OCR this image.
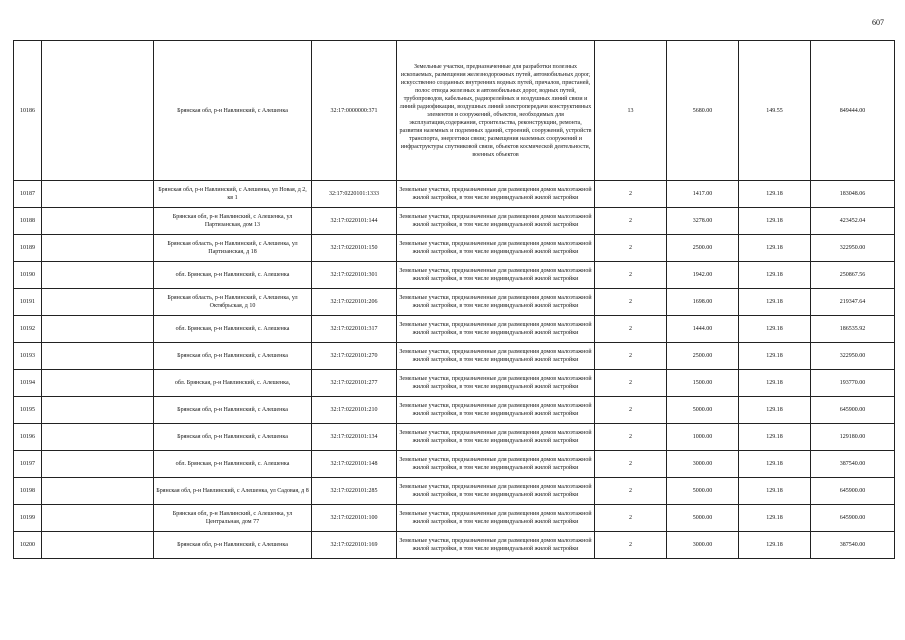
607
10186		Брянская обл, р-н Навлинский, с Алешенка	32:17:0000000:371	Земельные участки, предназначенные для разработки полезных ископаемых, размещения железнодорожных путей, автомобильных дорог, искусственно созданных внутренних водных путей, причалов, пристаней, полос отвода железных и автомобильных дорог, водных путей, трубопроводов, кабельных, радиорелейных и воздушных линий связи и линий радиофикации, воздушных линий электропередачи конструктивных элементов и сооружений, объектов, необходимых для эксплуатации,содержания, строительства, реконструкции, ремонта, развития наземных и подземных зданий, строений, сооружений, устройств транспорта, энергетики связи; размещения наземных сооружений и инфраструктуры спутниковой связи, объектов космической деятельности, военных объектов	13	5680.00	149.55	849444.00
10187		Брянская обл, р-н Навлинский, с Алешенка, ул Новая, д 2, кв 1	32:17:0220101:1333	Земельные участки, предназначенные для размещения домов малоэтажной жилой застройки, в том числе индивидуальной жилой застройки	2	1417.00	129.18	183048.06
10188		Брянская обл, р-н Навлинский, с Алешенка, ул Партизанская, дом 13	32:17:0220101:144	Земельные участки, предназначенные для размещения домов малоэтажной жилой застройки, в том числе индивидуальной жилой застройки	2	3278.00	129.18	423452.04
10189		Брянская область, р-н Навлинский, с Алешенка, ул Партизанская, д 18	32:17:0220101:150	Земельные участки, предназначенные для размещения домов малоэтажной жилой застройки, в том числе индивидуальной жилой застройки	2	2500.00	129.18	322950.00
10190		обл. Брянская, р-н Навлинский, с. Алешенка	32:17:0220101:301	Земельные участки, предназначенные для размещения домов малоэтажной жилой застройки, в том числе индивидуальной жилой застройки	2	1942.00	129.18	250867.56
10191		Брянская область, р-н Навлинский, с Алешенка, ул Октябрьская, д 10	32:17:0220101:206	Земельные участки, предназначенные для размещения домов малоэтажной жилой застройки, в том числе индивидуальной жилой застройки	2	1698.00	129.18	219347.64
10192		обл. Брянская, р-н Навлинский, с. Алешенка	32:17:0220101:317	Земельные участки, предназначенные для размещения домов малоэтажной жилой застройки, в том числе индивидуальной жилой застройки	2	1444.00	129.18	186535.92
10193		Брянская обл, р-н Навлинский, с Алешенка	32:17:0220101:270	Земельные участки, предназначенные для размещения домов малоэтажной жилой застройки, в том числе индивидуальной жилой застройки	2	2500.00	129.18	322950.00
10194		обл. Брянская, р-н Навлинский, с. Алешенка,	32:17:0220101:277	Земельные участки, предназначенные для размещения домов малоэтажной жилой застройки, в том числе индивидуальной жилой застройки	2	1500.00	129.18	193770.00
10195		Брянская обл, р-н Навлинский, с Алешенка	32:17:0220101:210	Земельные участки, предназначенные для размещения домов малоэтажной жилой застройки, в том числе индивидуальной жилой застройки	2	5000.00	129.18	645900.00
10196		Брянская обл, р-н Навлинский, с Алешенка	32:17:0220101:134	Земельные участки, предназначенные для размещения домов малоэтажной жилой застройки, в том числе индивидуальной жилой застройки	2	1000.00	129.18	129180.00
10197		обл. Брянская, р-н Навлинский, с. Алешенка	32:17:0220101:148	Земельные участки, предназначенные для размещения домов малоэтажной жилой застройки, в том числе индивидуальной жилой застройки	2	3000.00	129.18	387540.00
10198		Брянская обл, р-н Навлинский, с Алешенка, ул Садовая, д 8	32:17:0220101:285	Земельные участки, предназначенные для размещения домов малоэтажной жилой застройки, в том числе индивидуальной жилой застройки	2	5000.00	129.18	645900.00
10199		Брянская обл, р-н Навлинский, с Алешенка, ул Центральная, дом 77	32:17:0220101:100	Земельные участки, предназначенные для размещения домов малоэтажной жилой застройки, в том числе индивидуальной жилой застройки	2	5000.00	129.18	645900.00
10200		Брянская обл, р-н Навлинский, с Алешенка	32:17:0220101:169	Земельные участки, предназначенные для размещения домов малоэтажной жилой застройки, в том числе индивидуальной жилой застройки	2	3000.00	129.18	387540.00
